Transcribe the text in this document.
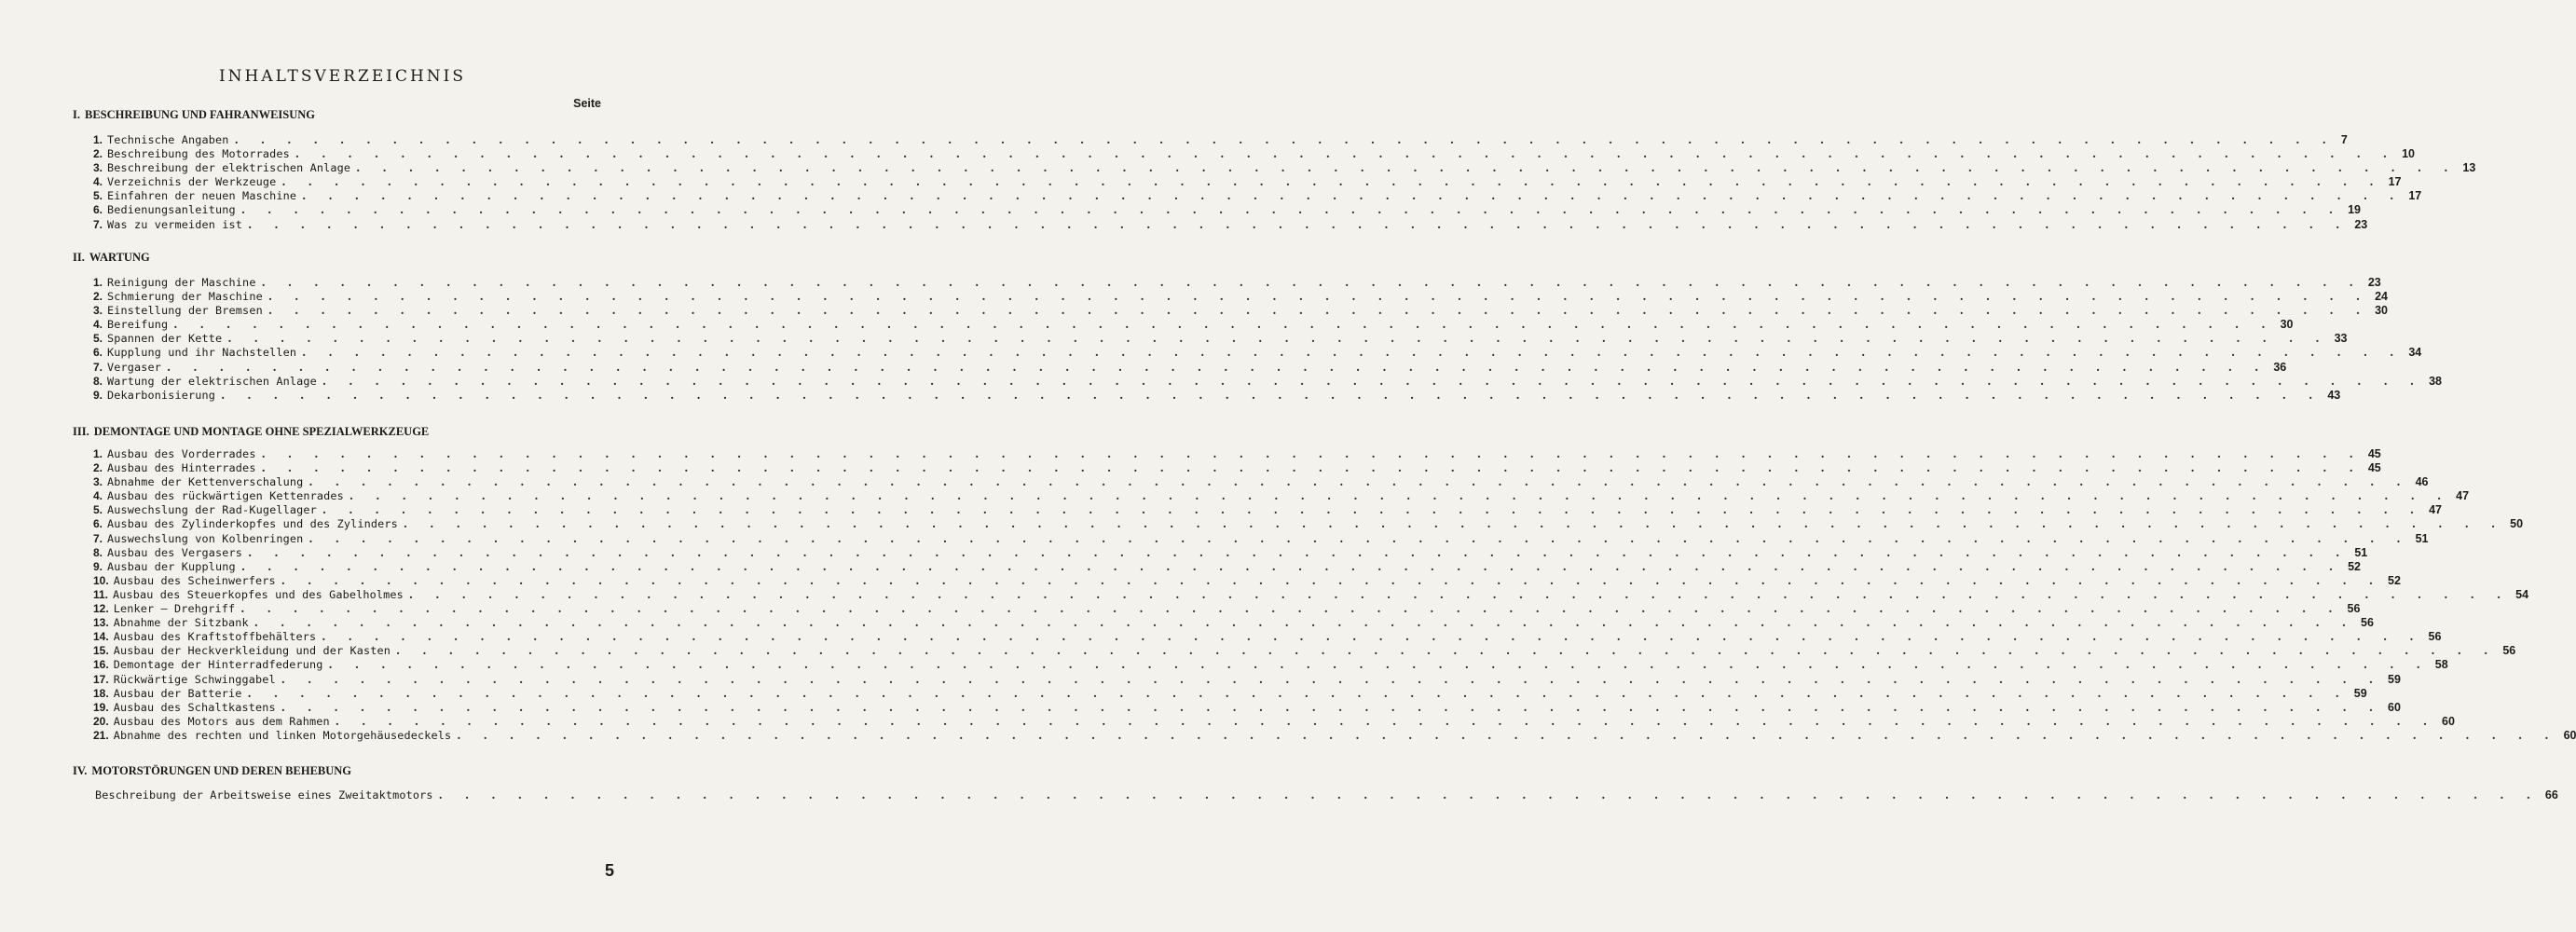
INHALTSVERZEICHNIS
Seite
I. BESCHREIBUNG UND FAHRANWEISUNG
1. Technische Angaben . . . . . . . . . . . . . . . . . . . . . . . . . . . . . . . . . . . . . . . . . . . . . . . . . . . . . . . . . . . . . . . . . . . . . . . . . . . . . . . . 7
2. Beschreibung des Motorrades . . . . . . . . . . . . . . . . . . . . . . . . . . . . . . . . . . . . . . . . . . . . . . . . . . . . . . . . . . . . . . . . . . . . . . . . . . . . . . . . 10
3. Beschreibung der elektrischen Anlage . . . . . . . . . . . . . . . . . . . . . . . . . . . . . . . . . . . . . . . . . . . . . . . . . . . . . . . . . . . . . . . . . . . . . . . . . . . . . . . . 13
4. Verzeichnis der Werkzeuge . . . . . . . . . . . . . . . . . . . . . . . . . . . . . . . . . . . . . . . . . . . . . . . . . . . . . . . . . . . . . . . . . . . . . . . . . . . . . . . . 17
5. Einfahren der neuen Maschine . . . . . . . . . . . . . . . . . . . . . . . . . . . . . . . . . . . . . . . . . . . . . . . . . . . . . . . . . . . . . . . . . . . . . . . . . . . . . . . . 17
6. Bedienungsanleitung . . . . . . . . . . . . . . . . . . . . . . . . . . . . . . . . . . . . . . . . . . . . . . . . . . . . . . . . . . . . . . . . . . . . . . . . . . . . . . . . 19
7. Was zu vermeiden ist . . . . . . . . . . . . . . . . . . . . . . . . . . . . . . . . . . . . . . . . . . . . . . . . . . . . . . . . . . . . . . . . . . . . . . . . . . . . . . . . 23
II. WARTUNG
1. Reinigung der Maschine . . . . . . . . . . . . . . . . . . . . . . . . . . . . . . . . . . . . . . . . . . . . . . . . . . . . . . . . . . . . . . . . . . . . . . . . . . . . . . . . 23
2. Schmierung der Maschine . . . . . . . . . . . . . . . . . . . . . . . . . . . . . . . . . . . . . . . . . . . . . . . . . . . . . . . . . . . . . . . . . . . . . . . . . . . . . . . . 24
3. Einstellung der Bremsen . . . . . . . . . . . . . . . . . . . . . . . . . . . . . . . . . . . . . . . . . . . . . . . . . . . . . . . . . . . . . . . . . . . . . . . . . . . . . . . . 30
4. Bereifung . . . . . . . . . . . . . . . . . . . . . . . . . . . . . . . . . . . . . . . . . . . . . . . . . . . . . . . . . . . . . . . . . . . . . . . . . . . . . . . . 30
5. Spannen der Kette . . . . . . . . . . . . . . . . . . . . . . . . . . . . . . . . . . . . . . . . . . . . . . . . . . . . . . . . . . . . . . . . . . . . . . . . . . . . . . . . 33
6. Kupplung und ihr Nachstellen . . . . . . . . . . . . . . . . . . . . . . . . . . . . . . . . . . . . . . . . . . . . . . . . . . . . . . . . . . . . . . . . . . . . . . . . . . . . . . . . 34
7. Vergaser . . . . . . . . . . . . . . . . . . . . . . . . . . . . . . . . . . . . . . . . . . . . . . . . . . . . . . . . . . . . . . . . . . . . . . . . . . . . . . . . 36
8. Wartung der elektrischen Anlage . . . . . . . . . . . . . . . . . . . . . . . . . . . . . . . . . . . . . . . . . . . . . . . . . . . . . . . . . . . . . . . . . . . . . . . . . . . . . . . . 38
9. Dekarbonisierung . . . . . . . . . . . . . . . . . . . . . . . . . . . . . . . . . . . . . . . . . . . . . . . . . . . . . . . . . . . . . . . . . . . . . . . . . . . . . . . . 43
III. DEMONTAGE UND MONTAGE OHNE SPEZIALWERKZEUGE
1. Ausbau des Vorderrades . . . . . . . . . . . . . . . . . . . . . . . . . . . . . . . . . . . . . . . . . . . . . . . . . . . . . . . . . . . . . . . . . . . . . . . . . . . . . . . . 45
2. Ausbau des Hinterrades . . . . . . . . . . . . . . . . . . . . . . . . . . . . . . . . . . . . . . . . . . . . . . . . . . . . . . . . . . . . . . . . . . . . . . . . . . . . . . . . 45
3. Abnahme der Kettenverschalung . . . . . . . . . . . . . . . . . . . . . . . . . . . . . . . . . . . . . . . . . . . . . . . . . . . . . . . . . . . . . . . . . . . . . . . . . . . . . . . . 46
4. Ausbau des rückwärtigen Kettenrades . . . . . . . . . . . . . . . . . . . . . . . . . . . . . . . . . . . . . . . . . . . . . . . . . . . . . . . . . . . . . . . . . . . . . . . . . . . . . . . . 47
5. Auswechslung der Rad-Kugellager . . . . . . . . . . . . . . . . . . . . . . . . . . . . . . . . . . . . . . . . . . . . . . . . . . . . . . . . . . . . . . . . . . . . . . . . . . . . . . . . 47
6. Ausbau des Zylinderkopfes und des Zylinders . . . . . . . . . . . . . . . . . . . . . . . . . . . . . . . . . . . . . . . . . . . . . . . . . . . . . . . . . . . . . . . . . . . . . . . . . . . . . . . . 50
7. Auswechslung von Kolbenringen . . . . . . . . . . . . . . . . . . . . . . . . . . . . . . . . . . . . . . . . . . . . . . . . . . . . . . . . . . . . . . . . . . . . . . . . . . . . . . . . 51
8. Ausbau des Vergasers . . . . . . . . . . . . . . . . . . . . . . . . . . . . . . . . . . . . . . . . . . . . . . . . . . . . . . . . . . . . . . . . . . . . . . . . . . . . . . . . 51
9. Ausbau der Kupplung . . . . . . . . . . . . . . . . . . . . . . . . . . . . . . . . . . . . . . . . . . . . . . . . . . . . . . . . . . . . . . . . . . . . . . . . . . . . . . . . 52
10. Ausbau des Scheinwerfers . . . . . . . . . . . . . . . . . . . . . . . . . . . . . . . . . . . . . . . . . . . . . . . . . . . . . . . . . . . . . . . . . . . . . . . . . . . . . . . . 52
11. Ausbau des Steuerkopfes und des Gabelholmes . . . . . . . . . . . . . . . . . . . . . . . . . . . . . . . . . . . . . . . . . . . . . . . . . . . . . . . . . . . . . . . . . . . . . . . . . . . . . . . . 54
12. Lenker — Drehgriff . . . . . . . . . . . . . . . . . . . . . . . . . . . . . . . . . . . . . . . . . . . . . . . . . . . . . . . . . . . . . . . . . . . . . . . . . . . . . . . . 56
13. Abnahme der Sitzbank . . . . . . . . . . . . . . . . . . . . . . . . . . . . . . . . . . . . . . . . . . . . . . . . . . . . . . . . . . . . . . . . . . . . . . . . . . . . . . . . 56
14. Ausbau des Kraftstoffbehälters . . . . . . . . . . . . . . . . . . . . . . . . . . . . . . . . . . . . . . . . . . . . . . . . . . . . . . . . . . . . . . . . . . . . . . . . . . . . . . . . 56
15. Ausbau der Heckverkleidung und der Kasten . . . . . . . . . . . . . . . . . . . . . . . . . . . . . . . . . . . . . . . . . . . . . . . . . . . . . . . . . . . . . . . . . . . . . . . . . . . . . . . . 56
16. Demontage der Hinterradfederung . . . . . . . . . . . . . . . . . . . . . . . . . . . . . . . . . . . . . . . . . . . . . . . . . . . . . . . . . . . . . . . . . . . . . . . . . . . . . . . . 58
17. Rückwärtige Schwinggabel . . . . . . . . . . . . . . . . . . . . . . . . . . . . . . . . . . . . . . . . . . . . . . . . . . . . . . . . . . . . . . . . . . . . . . . . . . . . . . . . 59
18. Ausbau der Batterie . . . . . . . . . . . . . . . . . . . . . . . . . . . . . . . . . . . . . . . . . . . . . . . . . . . . . . . . . . . . . . . . . . . . . . . . . . . . . . . . 59
19. Ausbau des Schaltkastens . . . . . . . . . . . . . . . . . . . . . . . . . . . . . . . . . . . . . . . . . . . . . . . . . . . . . . . . . . . . . . . . . . . . . . . . . . . . . . . . 60
20. Ausbau des Motors aus dem Rahmen . . . . . . . . . . . . . . . . . . . . . . . . . . . . . . . . . . . . . . . . . . . . . . . . . . . . . . . . . . . . . . . . . . . . . . . . . . . . . . . . 60
21. Abnahme des rechten und linken Motorgehäusedeckels . . . . . . . . . . . . . . . . . . . . . . . . . . . . . . . . . . . . . . . . . . . . . . . . . . . . . . . . . . . . . . . . . . . . . . . . . . . . . . . . 60
IV. MOTORSTÖRUNGEN UND DEREN BEHEBUNG
Beschreibung der Arbeitsweise eines Zweitaktmotors . . . . . . . . . . . . . . . . . . . . . . . . . . . . . . . . . . . . . . . . . . . . . . . . . . . . . . . . . . . . . . . . . . . . . . . . . . . . . . . . 66
5
